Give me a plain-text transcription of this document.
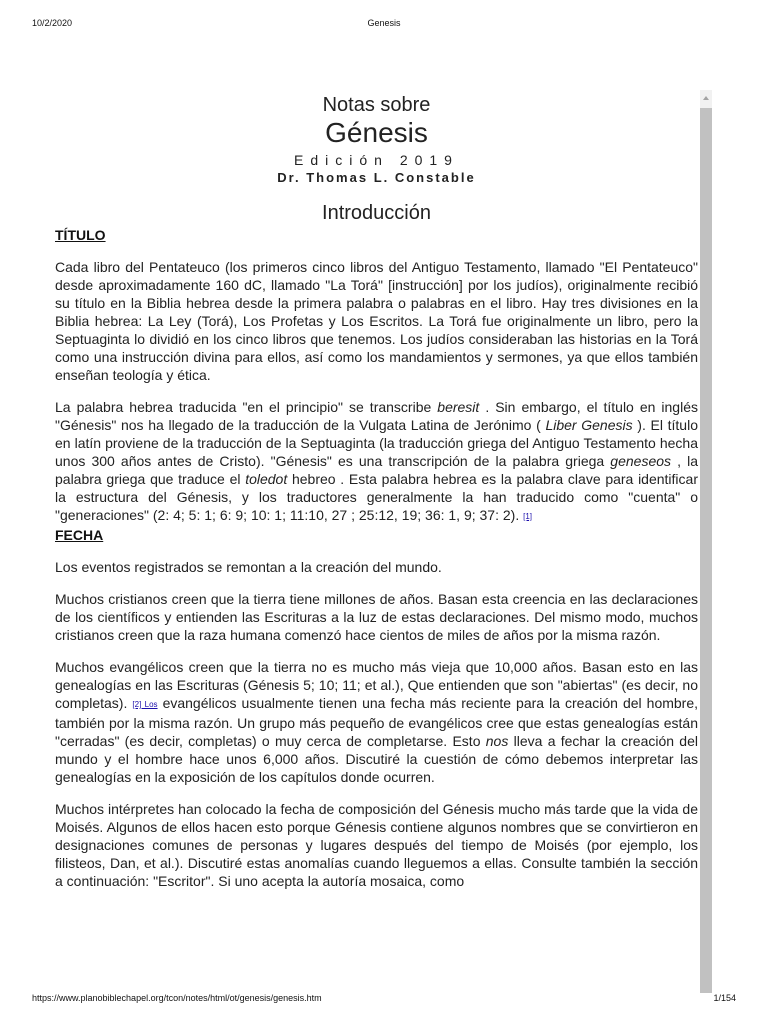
10/2/2020	Genesis
Notas sobre
Génesis
Edición 2019
Dr. Thomas L. Constable
Introducción
TÍTULO

Cada libro del Pentateuco (los primeros cinco libros del Antiguo Testamento, llamado "El Pentateuco" desde aproximadamente 160 dC, llamado "La Torá" [instrucción] por los judíos), originalmente recibió su título en la Biblia hebrea desde la primera palabra o palabras en el libro. Hay tres divisiones en la Biblia hebrea: La Ley (Torá), Los Profetas y Los Escritos. La Torá fue originalmente un libro, pero la Septuaginta lo dividió en los cinco libros que tenemos. Los judíos consideraban las historias en la Torá como una instrucción divina para ellos, así como los mandamientos y sermones, ya que ellos también enseñan teología y ética.

La palabra hebrea traducida "en el principio" se transcribe beresit . Sin embargo, el título en inglés "Génesis" nos ha llegado de la traducción de la Vulgata Latina de Jerónimo ( Liber Genesis ). El título en latín proviene de la traducción de la Septuaginta (la traducción griega del Antiguo Testamento hecha unos 300 años antes de Cristo). "Génesis" es una transcripción de la palabra griega geneseos , la palabra griega que traduce el toledot hebreo . Esta palabra hebrea es la palabra clave para identificar la estructura del Génesis, y los traductores generalmente la han traducido como "cuenta" o "generaciones" (2: 4; 5: 1; 6: 9; 10: 1; 11:10, 27 ; 25:12, 19; 36: 1, 9; 37: 2). [1]

FECHA

Los eventos registrados se remontan a la creación del mundo.

Muchos cristianos creen que la tierra tiene millones de años. Basan esta creencia en las declaraciones de los científicos y entienden las Escrituras a la luz de estas declaraciones. Del mismo modo, muchos cristianos creen que la raza humana comenzó hace cientos de miles de años por la misma razón.

Muchos evangélicos creen que la tierra no es mucho más vieja que 10,000 años. Basan esto en las genealogías en las Escrituras (Génesis 5; 10; 11; et al.), Que entienden que son "abiertas" (es decir, no completas). [2] Los evangélicos usualmente tienen una fecha más reciente para la creación del hombre, también por la misma razón. Un grupo más pequeño de evangélicos cree que estas genealogías están "cerradas" (es decir, completas) o muy cerca de completarse. Esto nos lleva a fechar la creación del mundo y el hombre hace unos 6,000 años. Discutiré la cuestión de cómo debemos interpretar las genealogías en la exposición de los capítulos donde ocurren.

Muchos intérpretes han colocado la fecha de composición del Génesis mucho más tarde que la vida de Moisés. Algunos de ellos hacen esto porque Génesis contiene algunos nombres que se convirtieron en designaciones comunes de personas y lugares después del tiempo de Moisés (por ejemplo, los filisteos, Dan, et al.). Discutiré estas anomalías cuando lleguemos a ellas. Consulte también la sección a continuación: "Escritor". Si uno acepta la autoría mosaica, como

https://www.planobiblechapel.org/tcon/notes/html/ot/genesis/genesis.htm	1/154
